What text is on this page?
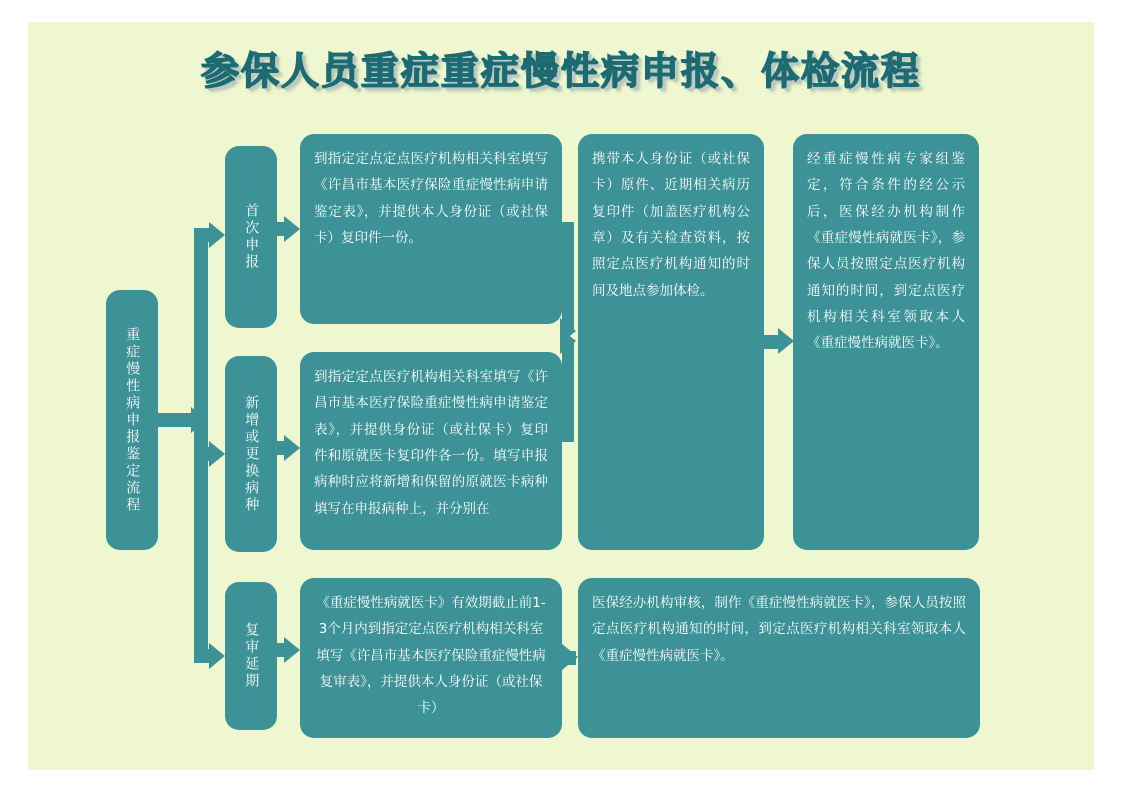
参保人员重症重症慢性病申报、体检流程
重症慢性病申报鉴定流程
首次申报
新增或更换病种
复审延期
到指定定点定点医疗机构相关科室填写《许昌市基本医疗保险重症慢性病申请鉴定表》，并提供本人身份证（或社保卡）复印件一份。
到指定定点医疗机构相关科室填写《许昌市基本医疗保险重症慢性病申请鉴定表》，并提供身份证（或社保卡）复印件和原就医卡复印件各一份。填写申报病种时应将新增和保留的原就医卡病种填写在申报病种上，并分别在
《重症慢性病就医卡》有效期截止前1-3个月内到指定定点医疗机构相关科室填写《许昌市基本医疗保险重症慢性病复审表》，并提供本人身份证（或社保卡）
携带本人身份证（或社保卡）原件、近期相关病历复印件（加盖医疗机构公章）及有关检查资料，按照定点医疗机构通知的时间及地点参加体检。
经重症慢性病专家组鉴定，符合条件的经公示后，医保经办机构制作《重症慢性病就医卡》，参保人员按照定点医疗机构通知的时间，到定点医疗机构相关科室领取本人《重症慢性病就医卡》。
医保经办机构审核，制作《重症慢性病就医卡》，参保人员按照定点医疗机构通知的时间，到定点医疗机构相关科室领取本人《重症慢性病就医卡》。
